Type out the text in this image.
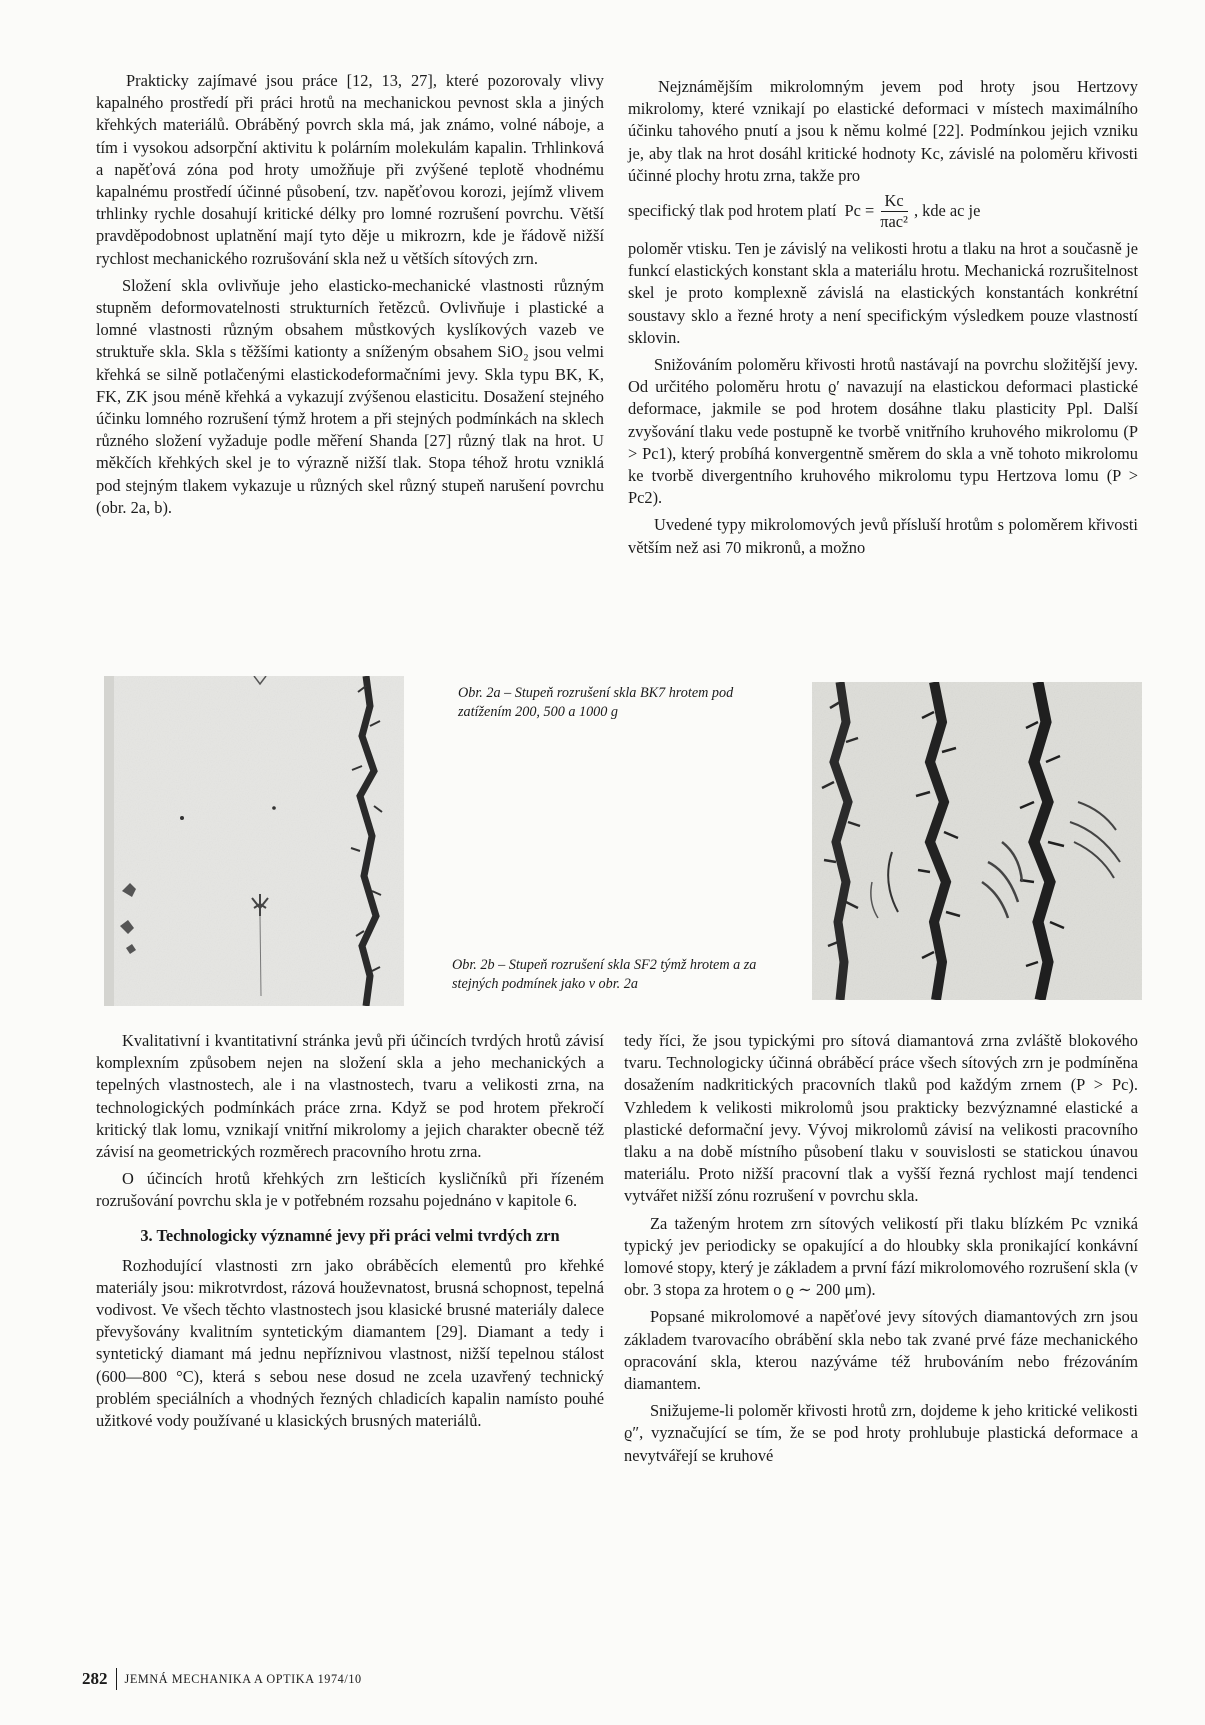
Prakticky zajímavé jsou práce [12, 13, 27], které pozorovaly vlivy kapalného prostředí při práci hrotů na mechanickou pevnost skla a jiných křehkých materiálů. Obráběný povrch skla má, jak známo, volné náboje, a tím i vysokou adsorpční aktivitu k polárním molekulám kapalin. Trhlinková a napěťová zóna pod hroty umožňuje při zvýšené teplotě vhodnému kapalnému prostředí účinné působení, tzv. napěťovou korozi, jejímž vlivem trhlinky rychle dosahují kritické délky pro lomné rozrušení povrchu. Větší pravděpodobnost uplatnění mají tyto děje u mikrozrn, kde je řádově nižší rychlost mechanického rozrušování skla než u větších sítových zrn.

Složení skla ovlivňuje jeho elasticko-mechanické vlastnosti různým stupněm deformovatelnosti strukturních řetězců. Ovlivňuje i plastické a lomné vlastnosti různým obsahem můstkových kyslíkových vazeb ve struktuře skla. Skla s těžšími kationty a sníženým obsahem SiO₂ jsou velmi křehká se silně potlačenými elastickodeformačními jevy. Skla typu BK, K, FK, ZK jsou méně křehká a vykazují zvýšenou elasticitu. Dosažení stejného účinku lomného rozrušení týmž hrotem a při stejných podmínkách na sklech různého složení vyžaduje podle měření Shanda [27] různý tlak na hrot. U měkčích křehkých skel je to výrazně nižší tlak. Stopa téhož hrotu vzniklá pod stejným tlakem vykazuje u různých skel různý stupeň narušení povrchu (obr. 2a, b).

Nejznámějším mikrolomným jevem pod hroty jsou Hertzovy mikrolomy, které vznikají po elastické deformaci v místech maximálního účinku tahového pnutí a jsou k němu kolmé [22]. Podmínkou jejich vzniku je, aby tlak na hrot dosáhl kritické hodnoty Kc, závislé na poloměru křivosti účinné plochy hrotu zrna, takže pro

specifický tlak pod hrotem platí $Pc = \frac{Kc}{\text{πac²}}$ , kde ac je

poloměr vtisku. Ten je závislý na velikosti hrotu a tlaku na hrot a současně je funkcí elastických konstant skla a materiálu hrotu. Mechanická rozrušitelnost skel je proto komplexně závislá na elastických konstantách konkrétní soustavy sklo a řezné hroty a není specifickým výsledkem pouze vlastností sklovin.

Snižováním poloměru křivosti hrotů nastávají na povrchu složitější jevy. Od určitého poloměru hrotu ϱ′ navazují na elastickou deformaci plastické deformace, jakmile se pod hrotem dosáhne tlaku plasticity Ppl. Další zvyšování tlaku vede postupně ke tvorbě vnitřního kruhového mikrolomu (P > Pc1), který probíhá konvergentně směrem do skla a vně tohoto mikrolomu ke tvorbě divergentního kruhového mikrolomu typu Hertzova lomu (P > Pc2).

Uvedené typy mikrolomových jevů přísluší hrotům s poloměrem křivosti větším než asi 70 mikronů, a možno

Obr. 2a – Stupeň rozrušení skla BK7 hrotem pod zatížením 200, 500 a 1000 g
Obr. 2b – Stupeň rozrušení skla SF2 týmž hrotem a za stejných podmínek jako v obr. 2a

Kvalitativní i kvantitativní stránka jevů při účincích tvrdých hrotů závisí komplexním způsobem nejen na složení skla a jeho mechanických a tepelných vlastnostech, ale i na vlastnostech, tvaru a velikosti zrna, na technologických podmínkách práce zrna. Když se pod hrotem překročí kritický tlak lomu, vznikají vnitřní mikrolomy a jejich charakter obecně též závisí na geometrických rozměrech pracovního hrotu zrna.

O účincích hrotů křehkých zrn lešticích kysličníků při řízeném rozrušování povrchu skla je v potřebném rozsahu pojednáno v kapitole 6.

3. Technologicky významné jevy při práci velmi tvrdých zrn

Rozhodující vlastnosti zrn jako obráběcích elementů pro křehké materiály jsou: mikrotvrdost, rázová houževnatost, brusná schopnost, tepelná vodivost. Ve všech těchto vlastnostech jsou klasické brusné materiály dalece převyšovány kvalitním syntetickým diamantem [29]. Diamant a tedy i syntetický diamant má jednu nepříznivou vlastnost, nižší tepelnou stálost (600—800 °C), která s sebou nese dosud ne zcela uzavřený technický problém speciálních a vhodných řezných chladicích kapalin namísto pouhé užitkové vody používané u klasických brusných materiálů.

tedy říci, že jsou typickými pro sítová diamantová zrna zvláště blokového tvaru. Technologicky účinná obráběcí práce všech sítových zrn je podmíněna dosažením nadkritických pracovních tlaků pod každým zrnem (P > Pc). Vzhledem k velikosti mikrolomů jsou prakticky bezvýznamné elastické a plastické deformační jevy. Vývoj mikrolomů závisí na velikosti pracovního tlaku a na době místního působení tlaku v souvislosti se statickou únavou materiálu. Proto nižší pracovní tlak a vyšší řezná rychlost mají tendenci vytvářet nižší zónu rozrušení v povrchu skla.

Za taženým hrotem zrn sítových velikostí při tlaku blízkém Pc vzniká typický jev periodicky se opakující a do hloubky skla pronikající konkávní lomové stopy, který je základem a první fází mikrolomového rozrušení skla (v obr. 3 stopa za hrotem o ϱ ∼ 200 μm).

Popsané mikrolomové a napěťové jevy sítových diamantových zrn jsou základem tvarovacího obrábění skla nebo tak zvané prvé fáze mechanického opracování skla, kterou nazýváme též hrubováním nebo frézováním diamantem.

Snižujeme-li poloměr křivosti hrotů zrn, dojdeme k jeho kritické velikosti ϱ″, vyznačující se tím, že se pod hroty prohlubuje plastická deformace a nevytvářejí se kruhové

282 JEMNÁ MECHANIKA A OPTIKA 1974/10
